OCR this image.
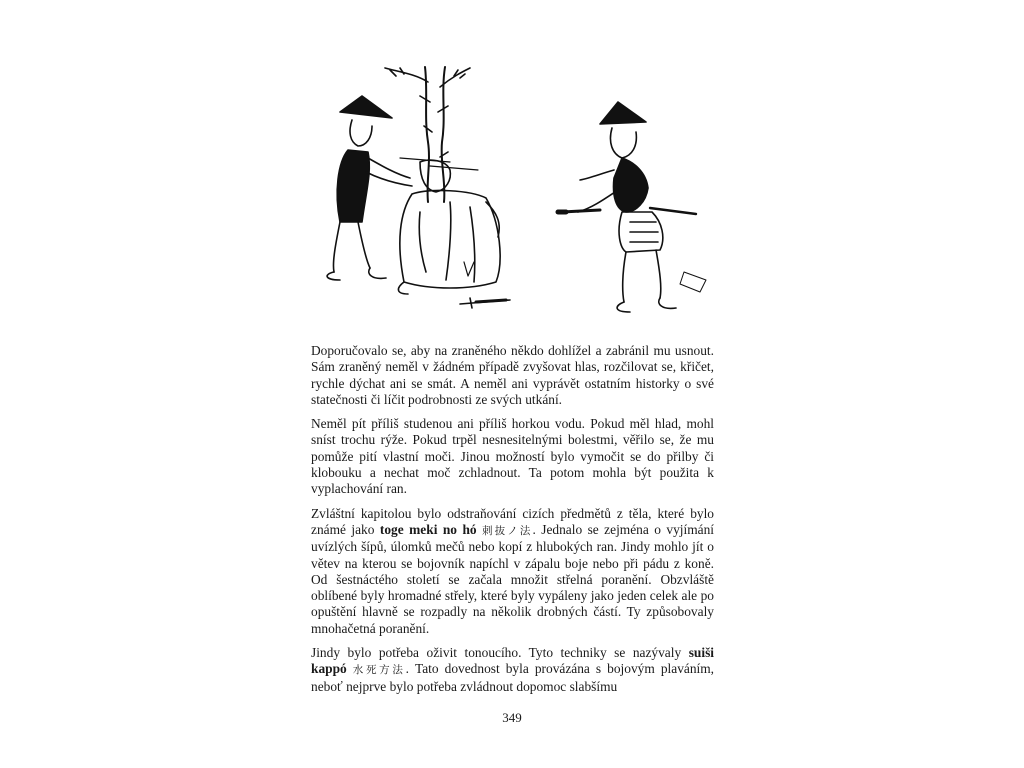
Doporučovalo se, aby na zraněného někdo dohlížel a zabránil mu usnout. Sám zraněný neměl v žádném případě zvyšovat hlas, rozčilovat se, křičet, rychle dýchat ani se smát. A neměl ani vyprávět ostatním historky o své statečnosti či líčit podrobnosti ze svých utkání.

Neměl pít příliš studenou ani příliš horkou vodu. Pokud měl hlad, mohl sníst trochu rýže. Pokud trpěl nesnesitelnými bolestmi, věřilo se, že mu pomůže pití vlastní moči. Jinou možností bylo vymočit se do přilby či klobouku a nechat moč zchladnout. Ta potom mohla být použita k vyplachování ran.

Zvláštní kapitolou bylo odstraňování cizích předmětů z těla, které bylo známé jako toge meki no hó 刺抜ノ法. Jednalo se zejména o vyjímání uvízlých šípů, úlomků mečů nebo kopí z hlubokých ran. Jindy mohlo jít o větev na kterou se bojovník napíchl v zápalu boje nebo při pádu z koně. Od šestnáctého století se začala množit střelná poranění. Obzvláště oblíbené byly hromadné střely, které byly vypáleny jako jeden celek ale po opuštění hlavně se rozpadly na několik drobných částí. Ty způsobovaly mnohačetná poranění.

Jindy bylo potřeba oživit tonoucího. Tyto techniky se nazývaly suiši kappó 水死方法. Tato dovednost byla provázána s bojovým plaváním, neboť nejprve bylo potřeba zvládnout dopomoc slabšímu

349
